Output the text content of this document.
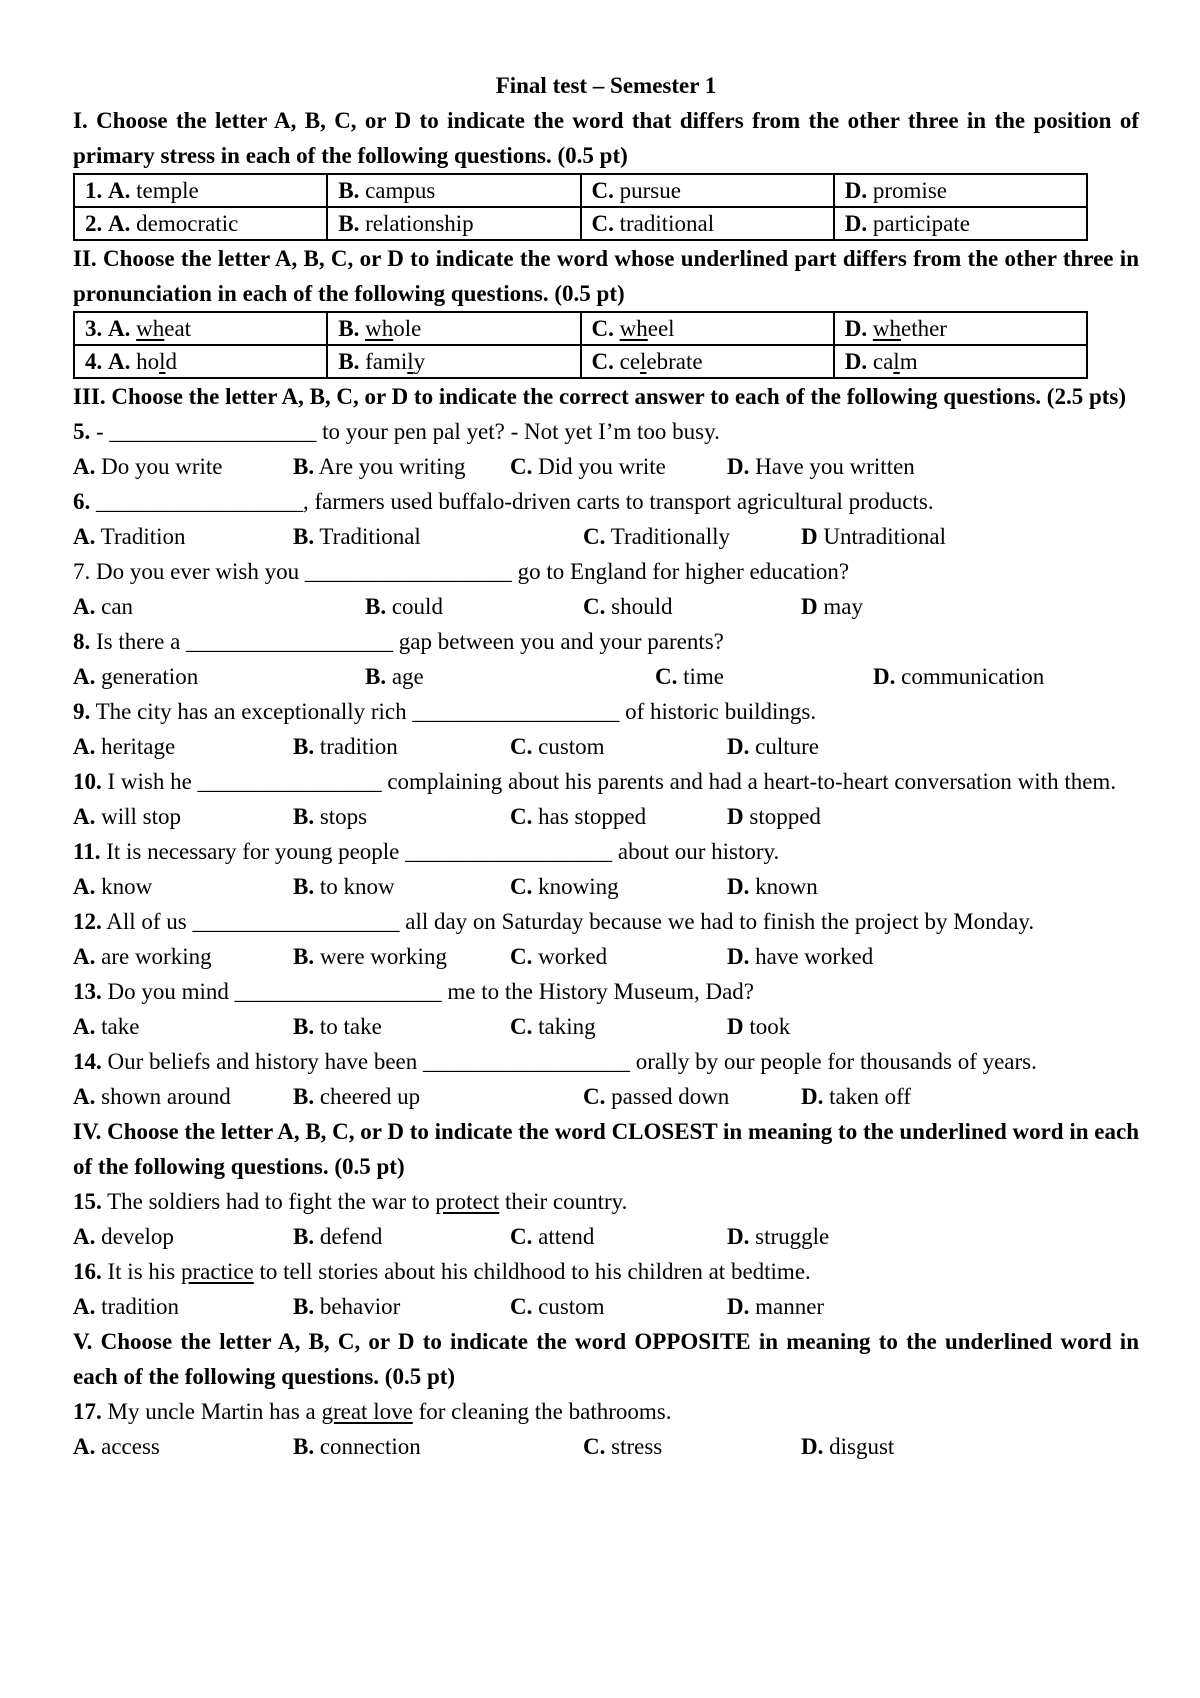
Final test – Semester 1
I. Choose the letter A, B, C, or D to indicate the word that differs from the other three in the position of primary stress in each of the following questions. (0.5 pt)
1. A. temple	B. campus	C. pursue	D. promise
2. A. democratic	B. relationship	C. traditional	D. participate
II. Choose the letter A, B, C, or D to indicate the word whose underlined part differs from the other three in pronunciation in each of the following questions. (0.5 pt)
3. A. wheat	B. whole	C. wheel	D. whether
4. A. hold	B. family	C. celebrate	D. calm
III. Choose the letter A, B, C, or D to indicate the correct answer to each of the following questions. (2.5 pts)
5. - __________________ to your pen pal yet? - Not yet I’m too busy.
A. Do you write	B. Are you writing C. Did you write	D. Have you written
6. __________________, farmers used buffalo-driven carts to transport agricultural products.
A. Tradition	B. Traditional	C. Traditionally	D Untraditional
7. Do you ever wish you __________________ go to England for higher education?
A. can	B. could	C. should	D may
8. Is there a __________________ gap between you and your parents?
A. generation	B. age	C. time	D. communication
9. The city has an exceptionally rich __________________ of historic buildings.
A. heritage	B. tradition	C. custom	D. culture
10. I wish he ________________ complaining about his parents and had a heart-to-heart conversation with them.
A. will stop	B. stops	C. has stopped	D stopped
11. It is necessary for young people __________________ about our history.
A. know	B. to know	C. knowing	D. known
12. All of us __________________ all day on Saturday because we had to finish the project by Monday.
A. are working	B. were working	C. worked	D. have worked
13. Do you mind __________________ me to the History Museum, Dad?
A. take	B. to take	C. taking	D took
14. Our beliefs and history have been __________________ orally by our people for thousands of years.
A. shown around	B. cheered up	C. passed down	D. taken off
IV. Choose the letter A, B, C, or D to indicate the word CLOSEST in meaning to the underlined word in each of the following questions. (0.5 pt)
15. The soldiers had to fight the war to protect their country.
A. develop	B. defend	C. attend	D. struggle
16. It is his practice to tell stories about his childhood to his children at bedtime.
A. tradition	B. behavior	C. custom	D. manner
V. Choose the letter A, B, C, or D to indicate the word OPPOSITE in meaning to the underlined word in each of the following questions. (0.5 pt)
17. My uncle Martin has a great love for cleaning the bathrooms.
A. access	B. connection	C. stress	D. disgust
